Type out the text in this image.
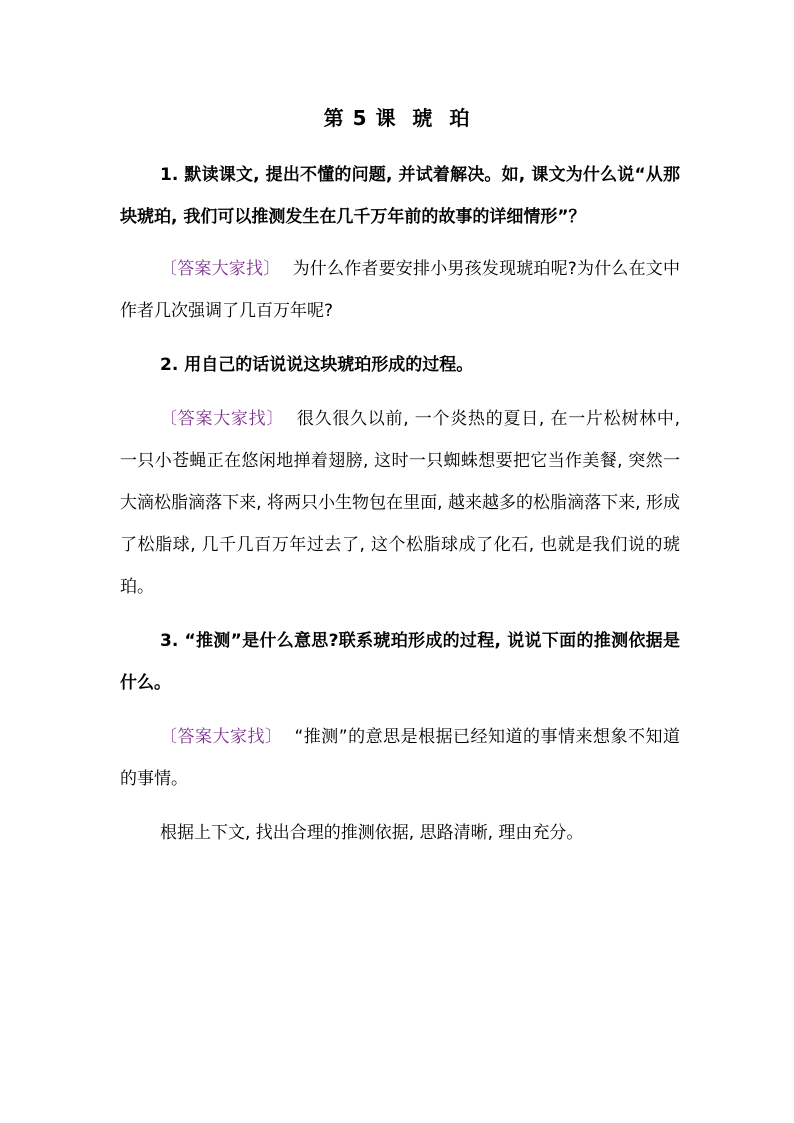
第 5 课  琥  珀
1. 默读课文, 提出不懂的问题, 并试着解决。如, 课文为什么说“从那块琥珀, 我们可以推测发生在几千万年前的故事的详细情形”？
〔答案大家找〕 为什么作者要安排小男孩发现琥珀呢?为什么在文中作者几次强调了几百万年呢?
2. 用自己的话说说这块琥珀形成的过程。
〔答案大家找〕 很久很久以前, 一个炎热的夏日, 在一片松树林中, 一只小苍蝇正在悠闲地掸着翅膀, 这时一只蜘蛛想要把它当作美餐, 突然一大滴松脂滴落下来, 将两只小生物包在里面, 越来越多的松脂滴落下来, 形成了松脂球, 几千几百万年过去了, 这个松脂球成了化石, 也就是我们说的琥珀。
3. “推测”是什么意思?联系琥珀形成的过程, 说说下面的推测依据是什么。
〔答案大家找〕 “推测”的意思是根据已经知道的事情来想象不知道的事情。
根据上下文, 找出合理的推测依据, 思路清晰, 理由充分。
